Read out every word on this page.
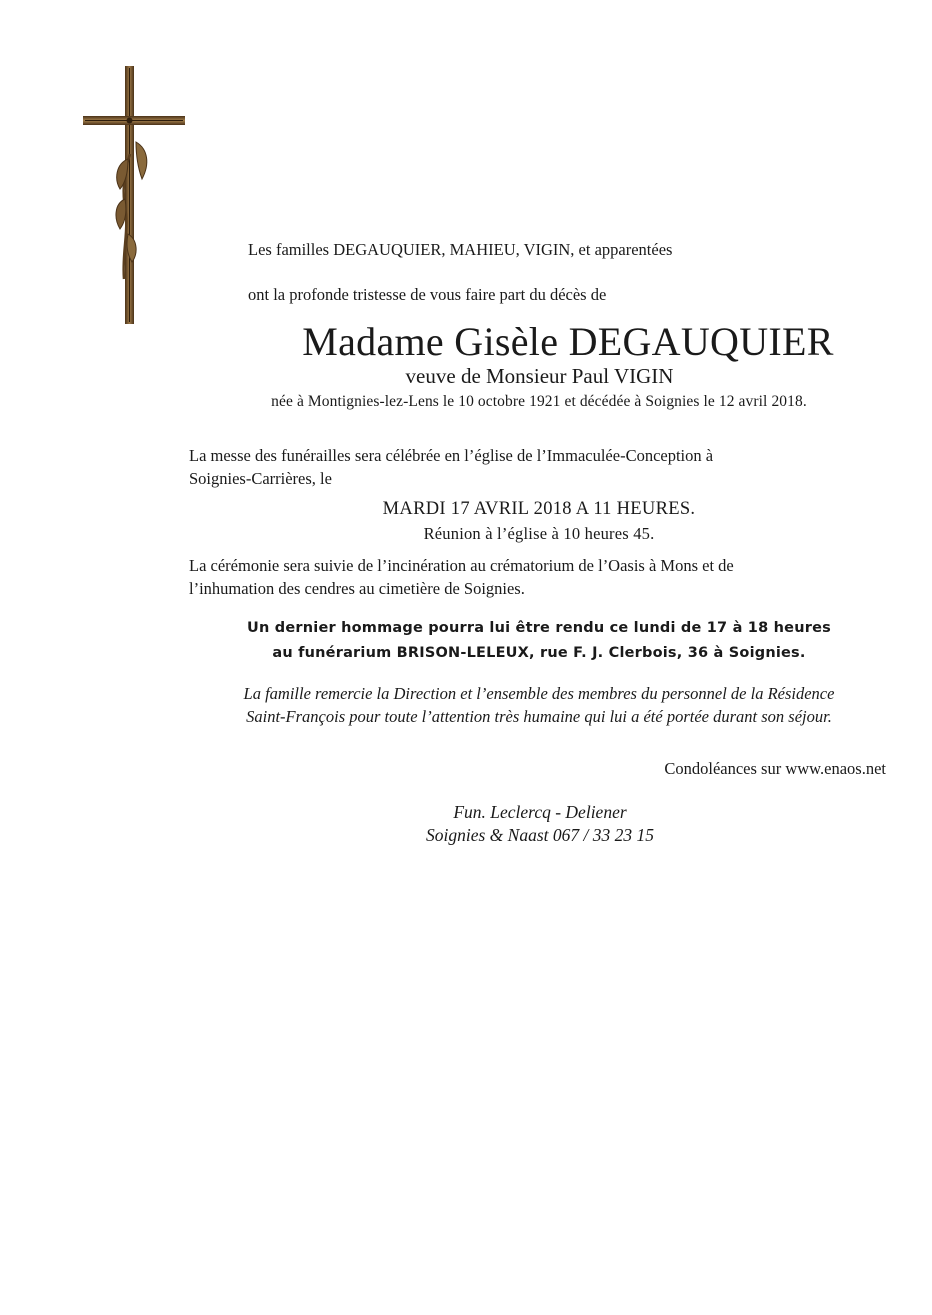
Les familles DEGAUQUIER, MAHIEU, VIGIN, et apparentées
ont la profonde tristesse de vous faire part du décès de
Madame Gisèle DEGAUQUIER
veuve de Monsieur Paul VIGIN
née à Montignies-lez-Lens le 10 octobre 1921 et décédée à Soignies le 12 avril 2018.
La messe des funérailles sera célébrée en l’église de l’Immaculée-Conception à
Soignies-Carrières, le
MARDI 17 AVRIL 2018 A 11 HEURES.
Réunion à l’église à 10 heures 45.
La cérémonie sera suivie de l’incinération au crématorium de l’Oasis à Mons et de
l’inhumation des cendres au cimetière de Soignies.
Un dernier hommage pourra lui être rendu ce lundi de 17 à 18 heures
au funérarium BRISON-LELEUX, rue F. J. Clerbois, 36 à Soignies.
La famille remercie la Direction et l’ensemble des membres du personnel de la Résidence
Saint-François pour toute l’attention très humaine qui lui a été portée durant son séjour.
Condoléances sur www.enaos.net
Fun. Leclercq - Deliener
Soignies & Naast 067 / 33 23 15
